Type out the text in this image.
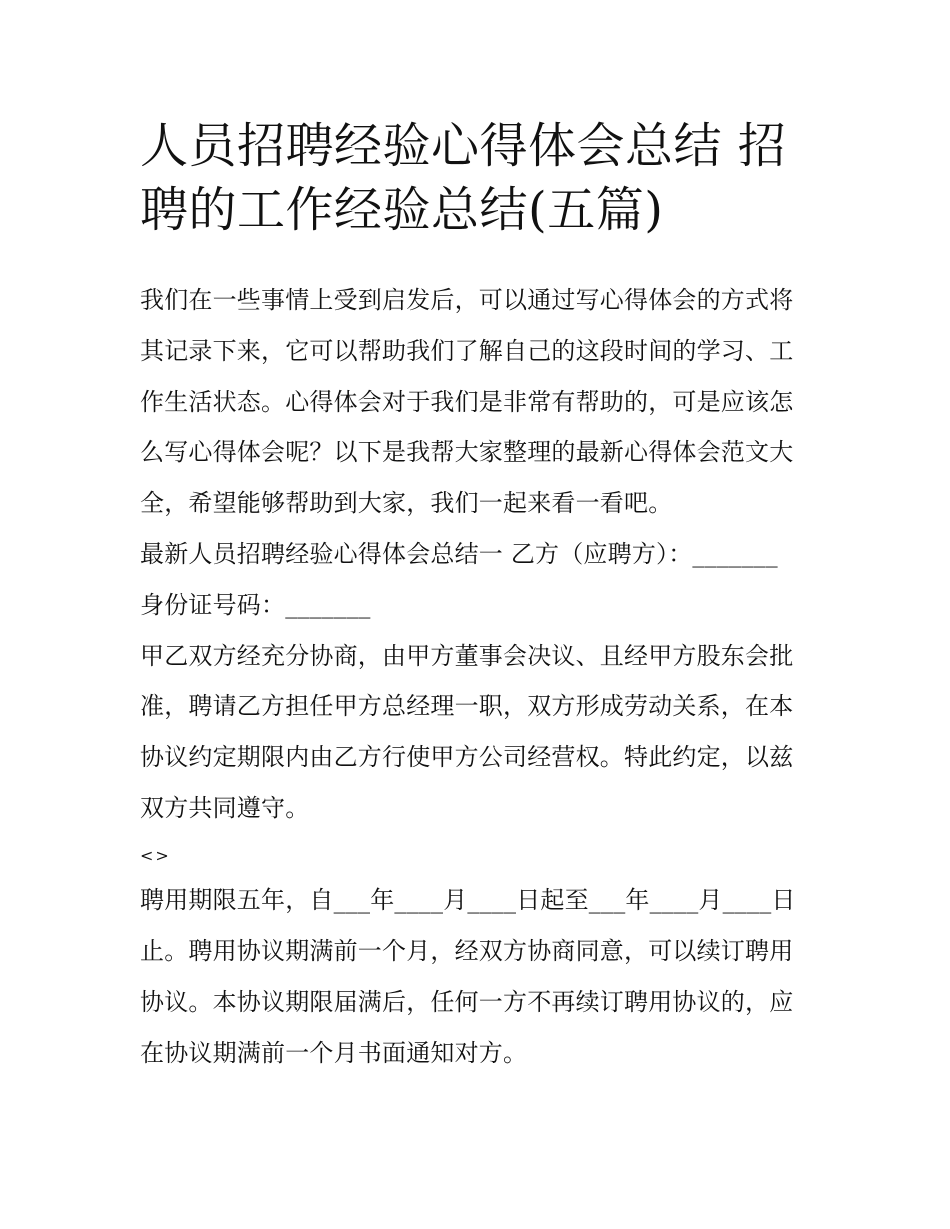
人员招聘经验心得体会总结 招
聘的工作经验总结(五篇)

我们在一些事情上受到启发后，可以通过写心得体会的方式将

其记录下来，它可以帮助我们了解自己的这段时间的学习、工

作生活状态。心得体会对于我们是非常有帮助的，可是应该怎

么写心得体会呢？以下是我帮大家整理的最新心得体会范文大

全，希望能够帮助到大家，我们一起来看一看吧。

最新人员招聘经验心得体会总结一 乙方（应聘方）：_______

身份证号码：_______

甲乙双方经充分协商，由甲方董事会决议、且经甲方股东会批

准，聘请乙方担任甲方总经理一职，双方形成劳动关系，在本

协议约定期限内由乙方行使甲方公司经营权。特此约定，以兹

双方共同遵守。

<>

聘用期限五年，自___年____月____日起至___年____月____日

止。聘用协议期满前一个月，经双方协商同意，可以续订聘用

协议。本协议期限届满后，任何一方不再续订聘用协议的，应

在协议期满前一个月书面通知对方。
